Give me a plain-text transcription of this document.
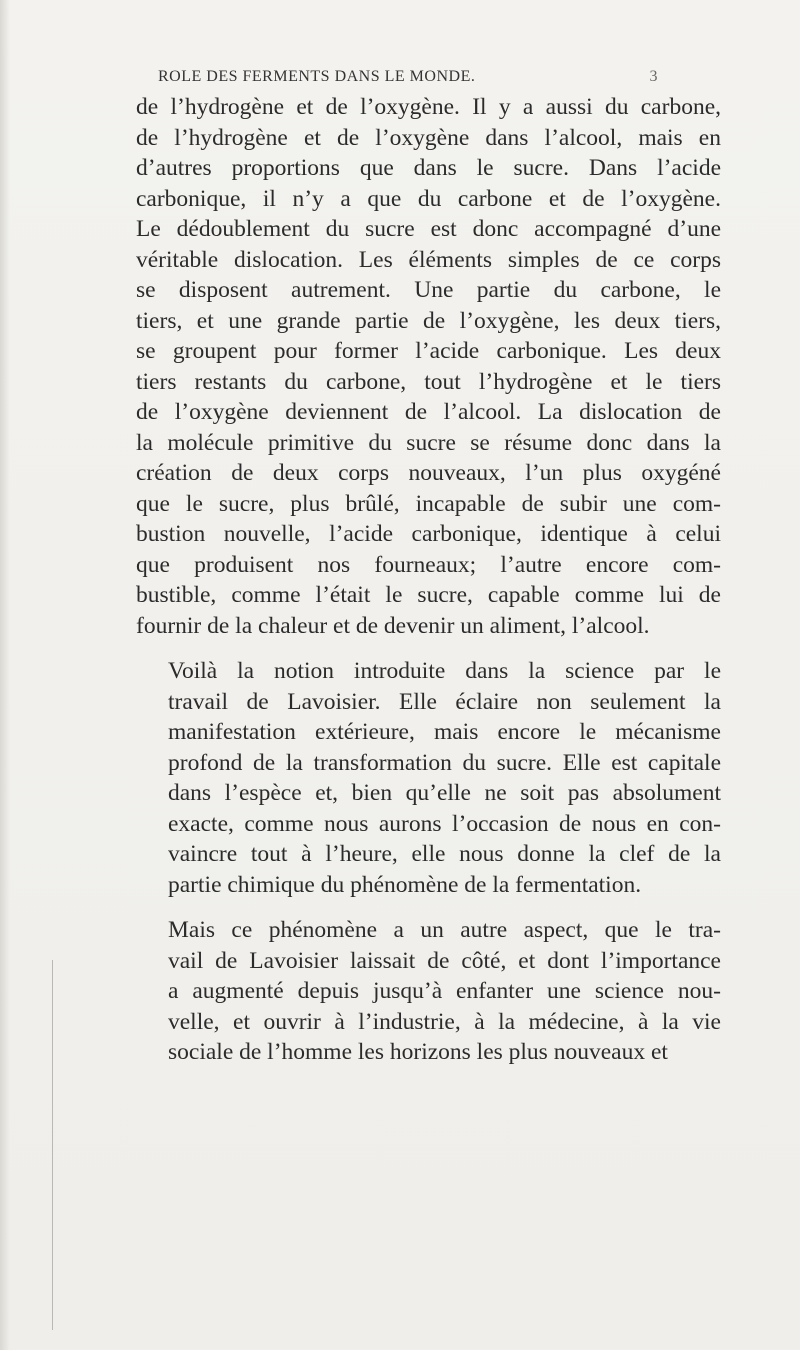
ROLE DES FERMENTS DANS LE MONDE.	3

de l’hydrogène et de l’oxygène. Il y a aussi du carbone,
de l’hydrogène et de l’oxygène dans l’alcool, mais en
d’autres proportions que dans le sucre. Dans l’acide
carbonique, il n’y a que du carbone et de l’oxygène.
Le dédoublement du sucre est donc accompagné d’une
véritable dislocation. Les éléments simples de ce corps
se disposent autrement. Une partie du carbone, le
tiers, et une grande partie de l’oxygène, les deux tiers,
se groupent pour former l’acide carbonique. Les deux
tiers restants du carbone, tout l’hydrogène et le tiers
de l’oxygène deviennent de l’alcool. La dislocation de
la molécule primitive du sucre se résume donc dans la
création de deux corps nouveaux, l’un plus oxygéné
que le sucre, plus brûlé, incapable de subir une com-
bustion nouvelle, l’acide carbonique, identique à celui
que produisent nos fourneaux; l’autre encore com-
bustible, comme l’était le sucre, capable comme lui de
fournir de la chaleur et de devenir un aliment, l’alcool.

Voilà la notion introduite dans la science par le
travail de Lavoisier. Elle éclaire non seulement la
manifestation extérieure, mais encore le mécanisme
profond de la transformation du sucre. Elle est capitale
dans l’espèce et, bien qu’elle ne soit pas absolument
exacte, comme nous aurons l’occasion de nous en con-
vaincre tout à l’heure, elle nous donne la clef de la
partie chimique du phénomène de la fermentation.

Mais ce phénomène a un autre aspect, que le tra-
vail de Lavoisier laissait de côté, et dont l’importance
a augmenté depuis jusqu’à enfanter une science nou-
velle, et ouvrir à l’industrie, à la médecine, à la vie
sociale de l’homme les horizons les plus nouveaux et
